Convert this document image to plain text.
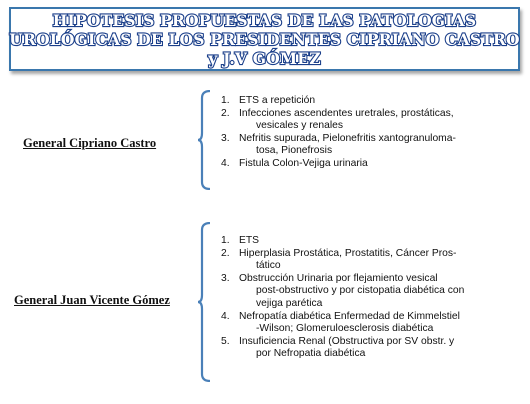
HIPOTESIS PROPUESTAS DE LAS PATOLOGIAS
UROLÓGICAS DE LOS PRESIDENTES CIPRIANO CASTRO
y J.V GÓMEZ
General Cipriano Castro
1. ETS a repetición
2. Infecciones ascendentes uretrales, prostáticas,
vesicales y renales
3. Nefritis supurada, Pielonefritis xantogranuloma-
tosa, Pionefrosis
4. Fistula Colon-Vejiga urinaria
General Juan Vicente Gómez
1. ETS
2. Hiperplasia Prostática, Prostatitis, Cáncer Pros-
tático
3. Obstrucción Urinaria por flejamiento vesical
post-obstructivo y por cistopatia diabética con
vejiga parética
4. Nefropatía diabética Enfermedad de Kimmelstiel
-Wilson; Glomeruloesclerosis diabética
5. Insuficiencia Renal (Obstructiva por SV obstr. y
por Nefropatia diabética
